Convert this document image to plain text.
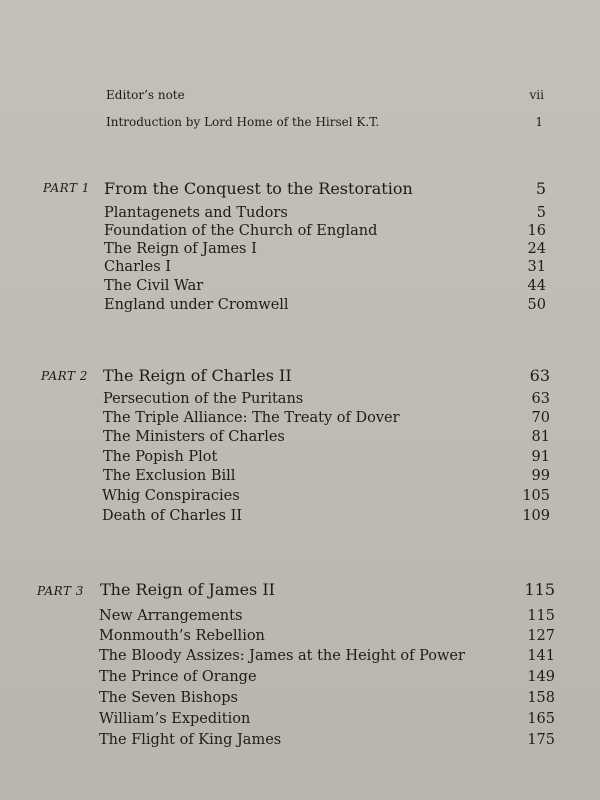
Editor’s note	vii
Introduction by Lord Home of the Hirsel K.T.	1
PART 1 From the Conquest to the Restoration	5
Plantagenets and Tudors	5
Foundation of the Church of England	16
The Reign of James I	24
Charles I	31
The Civil War	44
England under Cromwell	50
PART 2 The Reign of Charles II	63
Persecution of the Puritans	63
The Triple Alliance: The Treaty of Dover	70
The Ministers of Charles	81
The Popish Plot	91
The Exclusion Bill	99
Whig Conspiracies	105
Death of Charles II	109
PART 3 The Reign of James II	115
New Arrangements	115
Monmouth’s Rebellion	127
The Bloody Assizes: James at the Height of Power	141
The Prince of Orange	149
The Seven Bishops	158
William’s Expedition	165
The Flight of King James	175
